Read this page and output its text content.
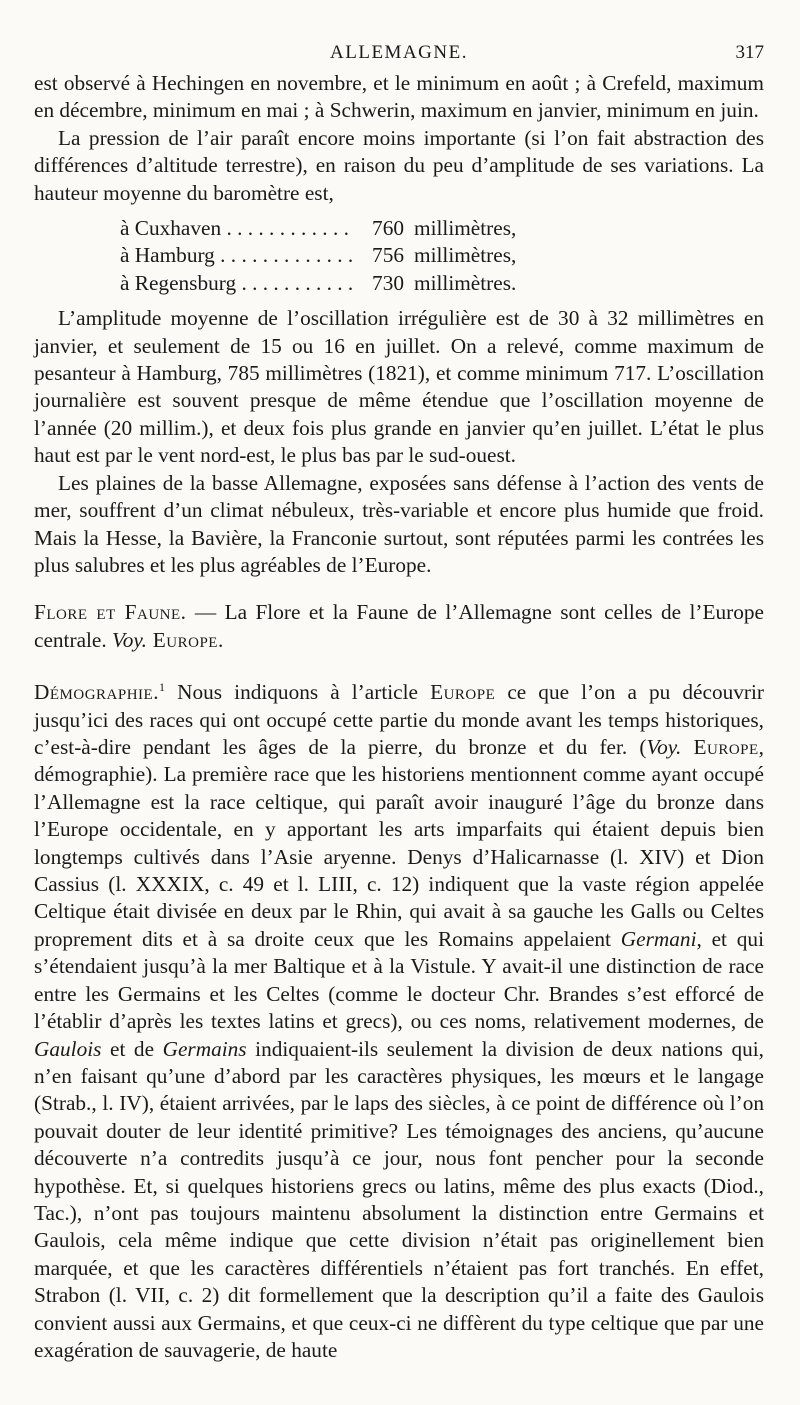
ALLEMAGNE.	317

est observé à Hechingen en novembre, et le minimum en août ; à Crefeld, maximum en décembre, minimum en mai ; à Schwerin, maximum en janvier, minimum en juin.

La pression de l’air paraît encore moins importante (si l’on fait abstraction des différences d’altitude terrestre), en raison du peu d’amplitude de ses variations. La hauteur moyenne du baromètre est,

à Cuxhaven . . .	760 millimètres,
à Hamburg . . .	756 millimètres,
à Regensburg . . .	730 millimètres.

L’amplitude moyenne de l’oscillation irrégulière est de 30 à 32 millimètres en janvier, et seulement de 15 ou 16 en juillet. On a relevé, comme maximum de pesanteur à Hamburg, 785 millimètres (1821), et comme minimum 717. L’oscillation journalière est souvent presque de même étendue que l’oscillation moyenne de l’année (20 millim.), et deux fois plus grande en janvier qu’en juillet. L’état le plus haut est par le vent nord-est, le plus bas par le sud-ouest.

Les plaines de la basse Allemagne, exposées sans défense à l’action des vents de mer, souffrent d’un climat nébuleux, très-variable et encore plus humide que froid. Mais la Hesse, la Bavière, la Franconie surtout, sont réputées parmi les contrées les plus salubres et les plus agréables de l’Europe.

Flore et Faune. — La Flore et la Faune de l’Allemagne sont celles de l’Europe centrale. Voy. Europe.

Démographie.$^1$ Nous indiquons à l’article Europe ce que l’on a pu découvrir jusqu’ici des races qui ont occupé cette partie du monde avant les temps historiques, c’est-à-dire pendant les âges de la pierre, du bronze et du fer. (Voy. Europe, démographie). La première race que les historiens mentionnent comme ayant occupé l’Allemagne est la race celtique, qui paraît avoir inauguré l’âge du bronze dans l’Europe occidentale, en y apportant les arts imparfaits qui étaient depuis bien longtemps cultivés dans l’Asie aryenne. Denys d’Halicarnasse (l. XIV) et Dion Cassius (l. XXXIX, c. 49 et l. LIII, c. 12) indiquent que la vaste région appelée Celtique était divisée en deux par le Rhin, qui avait à sa gauche les Galls ou Celtes proprement dits et à sa droite ceux que les Romains appelaient Germani, et qui s’étendaient jusqu’à la mer Baltique et à la Vistule. Y avait-il une distinction de race entre les Germains et les Celtes (comme le docteur Chr. Brandes s’est efforcé de l’établir d’après les textes latins et grecs), ou ces noms, relativement modernes, de Gaulois et de Germains indiquaient-ils seulement la division de deux nations qui, n’en faisant qu’une d’abord par les caractères physiques, les mœurs et le langage (Strab., l. IV), étaient arrivées, par le laps des siècles, à ce point de différence où l’on pouvait douter de leur identité primitive? Les témoignages des anciens, qu’aucune découverte n’a contredits jusqu’à ce jour, nous font pencher pour la seconde hypothèse. Et, si quelques historiens grecs ou latins, même des plus exacts (Diod., Tac.), n’ont pas toujours maintenu absolument la distinction entre Germains et Gaulois, cela même indique que cette division n’était pas originellement bien marquée, et que les caractères différentiels n’étaient pas fort tranchés. En effet, Strabon (l. VII, c. 2) dit formellement que la description qu’il a faite des Gaulois convient aussi aux Germains, et que ceux-ci ne diffèrent du type celtique que par une exagération de sauvagerie, de haute
